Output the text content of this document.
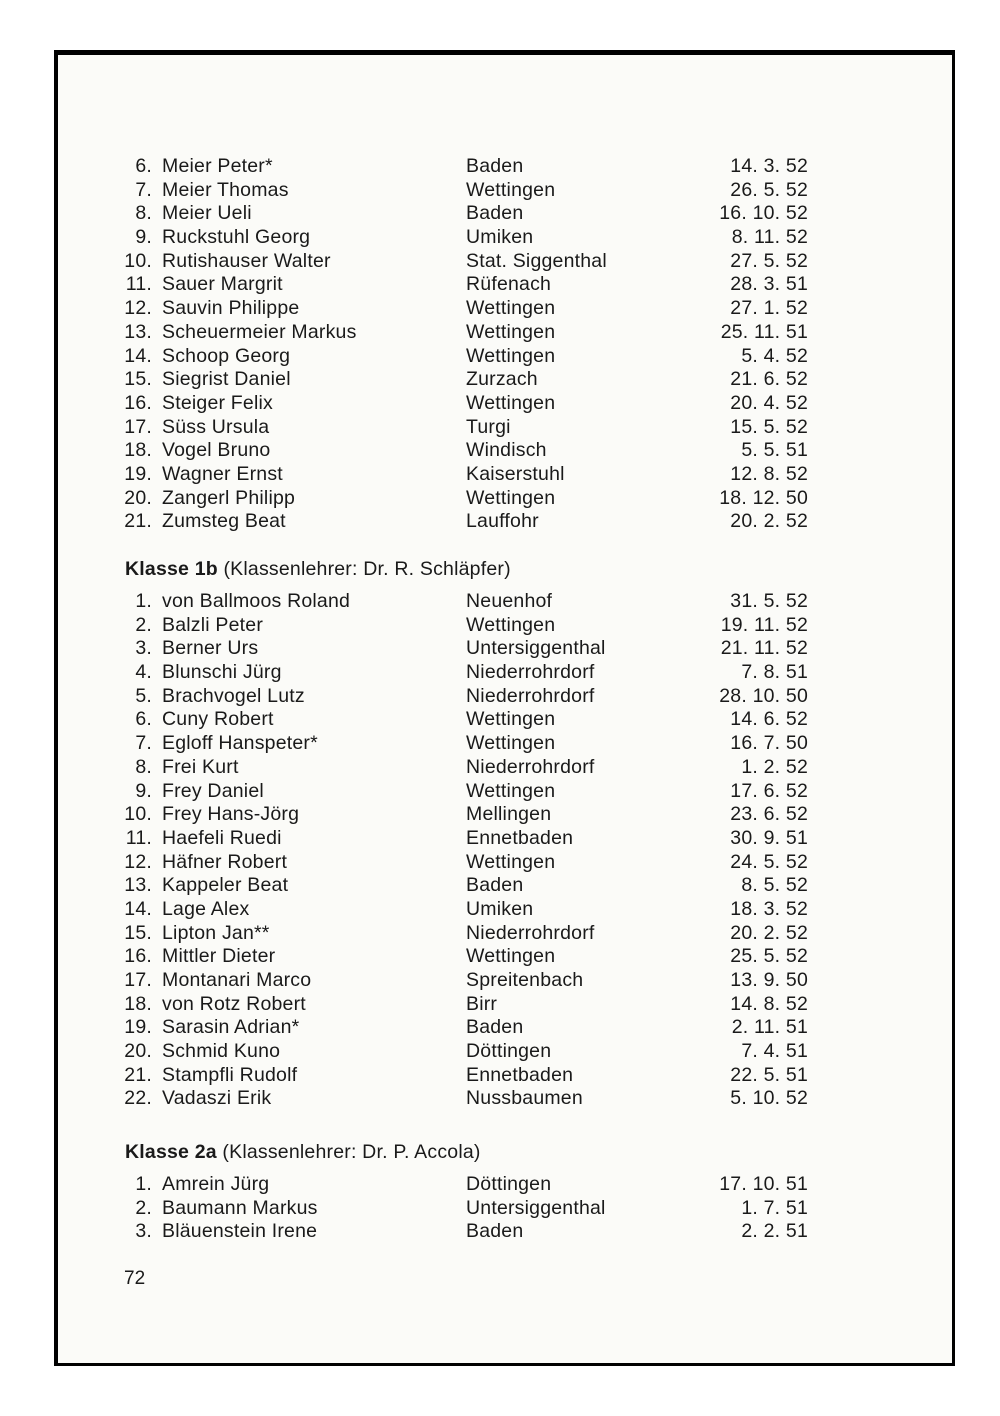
6. Meier Peter*	Baden	14. 3. 52
7. Meier Thomas	Wettingen	26. 5. 52
8. Meier Ueli	Baden	16. 10. 52
9. Ruckstuhl Georg	Umiken	8. 11. 52
10. Rutishauser Walter	Stat. Siggenthal	27. 5. 52
11. Sauer Margrit	Rüfenach	28. 3. 51
12. Sauvin Philippe	Wettingen	27. 1. 52
13. Scheuermeier Markus	Wettingen	25. 11. 51
14. Schoop Georg	Wettingen	5. 4. 52
15. Siegrist Daniel	Zurzach	21. 6. 52
16. Steiger Felix	Wettingen	20. 4. 52
17. Süss Ursula	Turgi	15. 5. 52
18. Vogel Bruno	Windisch	5. 5. 51
19. Wagner Ernst	Kaiserstuhl	12. 8. 52
20. Zangerl Philipp	Wettingen	18. 12. 50
21. Zumsteg Beat	Lauffohr	20. 2. 52
Klasse 1b (Klassenlehrer: Dr. R. Schläpfer)
1. von Ballmoos Roland	Neuenhof	31. 5. 52
2. Balzli Peter	Wettingen	19. 11. 52
3. Berner Urs	Untersiggenthal	21. 11. 52
4. Blunschi Jürg	Niederrohrdorf	7. 8. 51
5. Brachvogel Lutz	Niederrohrdorf	28. 10. 50
6. Cuny Robert	Wettingen	14. 6. 52
7. Egloff Hanspeter*	Wettingen	16. 7. 50
8. Frei Kurt	Niederrohrdorf	1. 2. 52
9. Frey Daniel	Wettingen	17. 6. 52
10. Frey Hans-Jörg	Mellingen	23. 6. 52
11. Haefeli Ruedi	Ennetbaden	30. 9. 51
12. Häfner Robert	Wettingen	24. 5. 52
13. Kappeler Beat	Baden	8. 5. 52
14. Lage Alex	Umiken	18. 3. 52
15. Lipton Jan**	Niederrohrdorf	20. 2. 52
16. Mittler Dieter	Wettingen	25. 5. 52
17. Montanari Marco	Spreitenbach	13. 9. 50
18. von Rotz Robert	Birr	14. 8. 52
19. Sarasin Adrian*	Baden	2. 11. 51
20. Schmid Kuno	Döttingen	7. 4. 51
21. Stampfli Rudolf	Ennetbaden	22. 5. 51
22. Vadaszi Erik	Nussbaumen	5. 10. 52
Klasse 2a (Klassenlehrer: Dr. P. Accola)
1. Amrein Jürg	Döttingen	17. 10. 51
2. Baumann Markus	Untersiggenthal	1. 7. 51
3. Bläuenstein Irene	Baden	2. 2. 51
72
